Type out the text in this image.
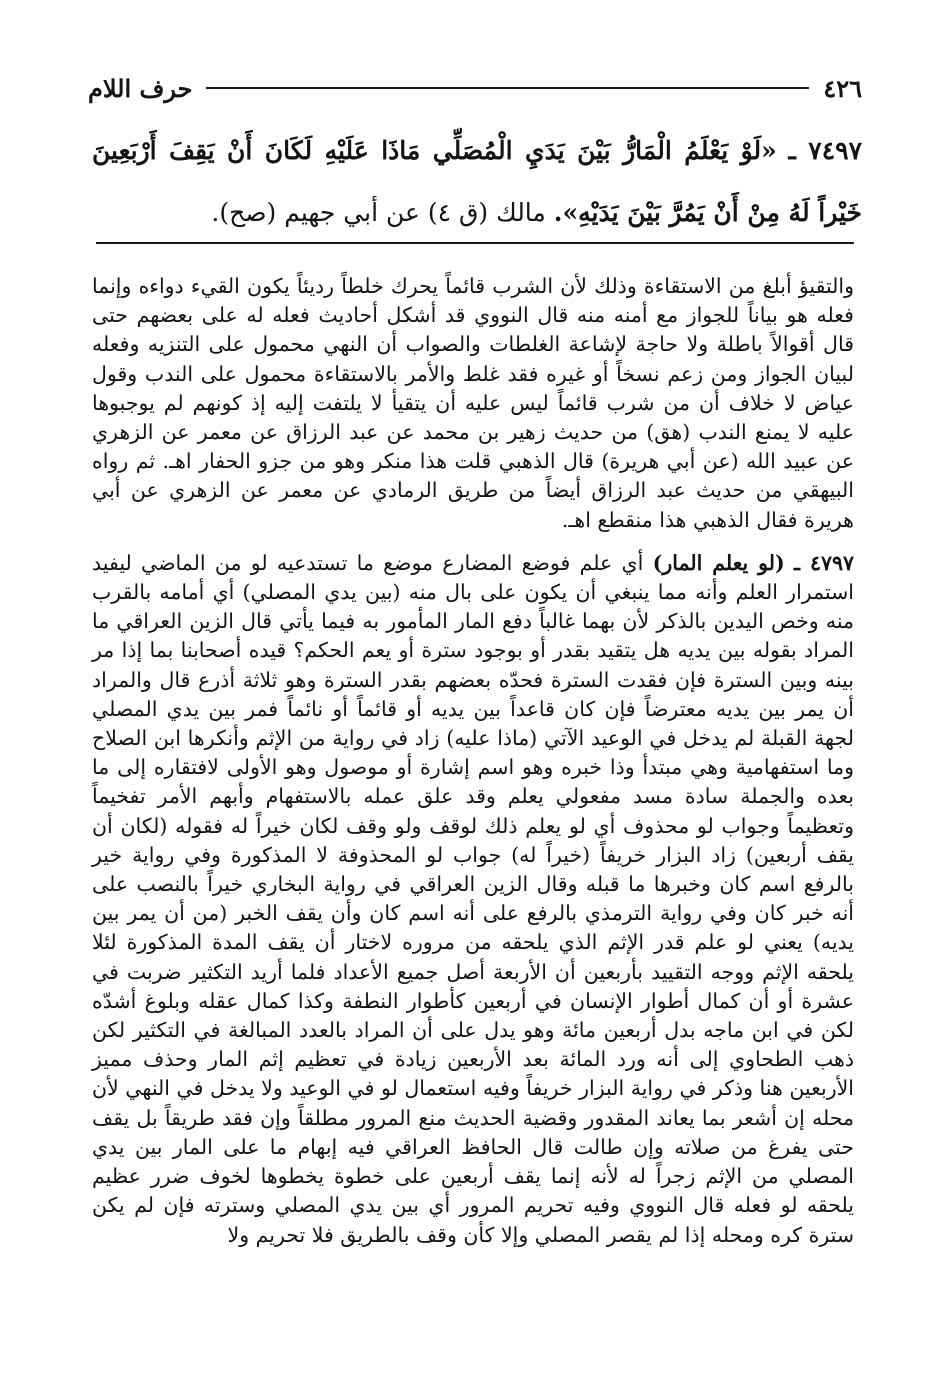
٤٢٦
حرف اللام
٧٤٩٧ ـ «لَوْ يَعْلَمُ الْمَارُّ بَيْنَ يَدَيِ الْمُصَلِّي مَاذَا عَلَيْهِ لَكَانَ أَنْ يَقِفَ أَرْبَعِينَ خَيْراً لَهُ مِنْ أَنْ يَمُرَّ بَيْنَ يَدَيْهِ». مالك (ق ٤) عن أبي جهيم (صح).

والتقيؤ أبلغ من الاستقاءة وذلك لأن الشرب قائماً يحرك خلطاً رديئاً يكون القيء دواءه وإنما فعله هو بياناً للجواز مع أمنه منه قال النووي قد أشكل أحاديث فعله له على بعضهم حتى قال أقوالاً باطلة ولا حاجة لإشاعة الغلطات والصواب أن النهي محمول على التنزيه وفعله لبيان الجواز ومن زعم نسخاً أو غيره فقد غلط والأمر بالاستقاءة محمول على الندب وقول عياض لا خلاف أن من شرب قائماً ليس عليه أن يتقيأ لا يلتفت إليه إذ كونهم لم يوجبوها عليه لا يمنع الندب (هق) من حديث زهير بن محمد عن عبد الرزاق عن معمر عن الزهري عن عبيد الله (عن أبي هريرة) قال الذهبي قلت هذا منكر وهو من جزو الحفار اهـ. ثم رواه البيهقي من حديث عبد الرزاق أيضاً من طريق الرمادي عن معمر عن الزهري عن أبي هريرة فقال الذهبي هذا منقطع اهـ.

٤٧٩٧ ـ (لو يعلم المار) أي علم فوضع المضارع موضع ما تستدعيه لو من الماضي ليفيد استمرار العلم وأنه مما ينبغي أن يكون على بال منه (بين يدي المصلي) أي أمامه بالقرب منه وخص اليدين بالذكر لأن بهما غالباً دفع المار المأمور به فيما يأتي قال الزين العراقي ما المراد بقوله بين يديه هل يتقيد بقدر أو بوجود سترة أو يعم الحكم؟ قيده أصحابنا بما إذا مر بينه وبين السترة فإن فقدت السترة فحدّه بعضهم بقدر السترة وهو ثلاثة أذرع قال والمراد أن يمر بين يديه معترضاً فإن كان قاعداً بين يديه أو قائماً أو نائماً فمر بين يدي المصلي لجهة القبلة لم يدخل في الوعيد الآتي (ماذا عليه) زاد في رواية من الإثم وأنكرها ابن الصلاح وما استفهامية وهي مبتدأ وذا خبره وهو اسم إشارة أو موصول وهو الأولى لافتقاره إلى ما بعده والجملة سادة مسد مفعولي يعلم وقد علق عمله بالاستفهام وأبهم الأمر تفخيماً وتعظيماً وجواب لو محذوف أي لو يعلم ذلك لوقف ولو وقف لكان خيراً له فقوله (لكان أن يقف أربعين) زاد البزار خريفاً (خيراً له) جواب لو المحذوفة لا المذكورة وفي رواية خير بالرفع اسم كان وخبرها ما قبله وقال الزين العراقي في رواية البخاري خيراً بالنصب على أنه خبر كان وفي رواية الترمذي بالرفع على أنه اسم كان وأن يقف الخبر (من أن يمر بين يديه) يعني لو علم قدر الإثم الذي يلحقه من مروره لاختار أن يقف المدة المذكورة لئلا يلحقه الإثم ووجه التقييد بأربعين أن الأربعة أصل جميع الأعداد فلما أريد التكثير ضربت في عشرة أو أن كمال أطوار الإنسان في أربعين كأطوار النطفة وكذا كمال عقله وبلوغ أشدّه لكن في ابن ماجه بدل أربعين مائة وهو يدل على أن المراد بالعدد المبالغة في التكثير لكن ذهب الطحاوي إلى أنه ورد المائة بعد الأربعين زيادة في تعظيم إثم المار وحذف مميز الأربعين هنا وذكر في رواية البزار خريفاً وفيه استعمال لو في الوعيد ولا يدخل في النهي لأن محله إن أشعر بما يعاند المقدور وقضية الحديث منع المرور مطلقاً وإن فقد طريقاً بل يقف حتى يفرغ من صلاته وإن طالت قال الحافظ العراقي فيه إبهام ما على المار بين يدي المصلي من الإثم زجراً له لأنه إنما يقف أربعين على خطوة يخطوها لخوف ضرر عظيم يلحقه لو فعله قال النووي وفيه تحريم المرور أي بين يدي المصلي وسترته فإن لم يكن سترة كره ومحله إذا لم يقصر المصلي وإلا كأن وقف بالطريق فلا تحريم ولا
